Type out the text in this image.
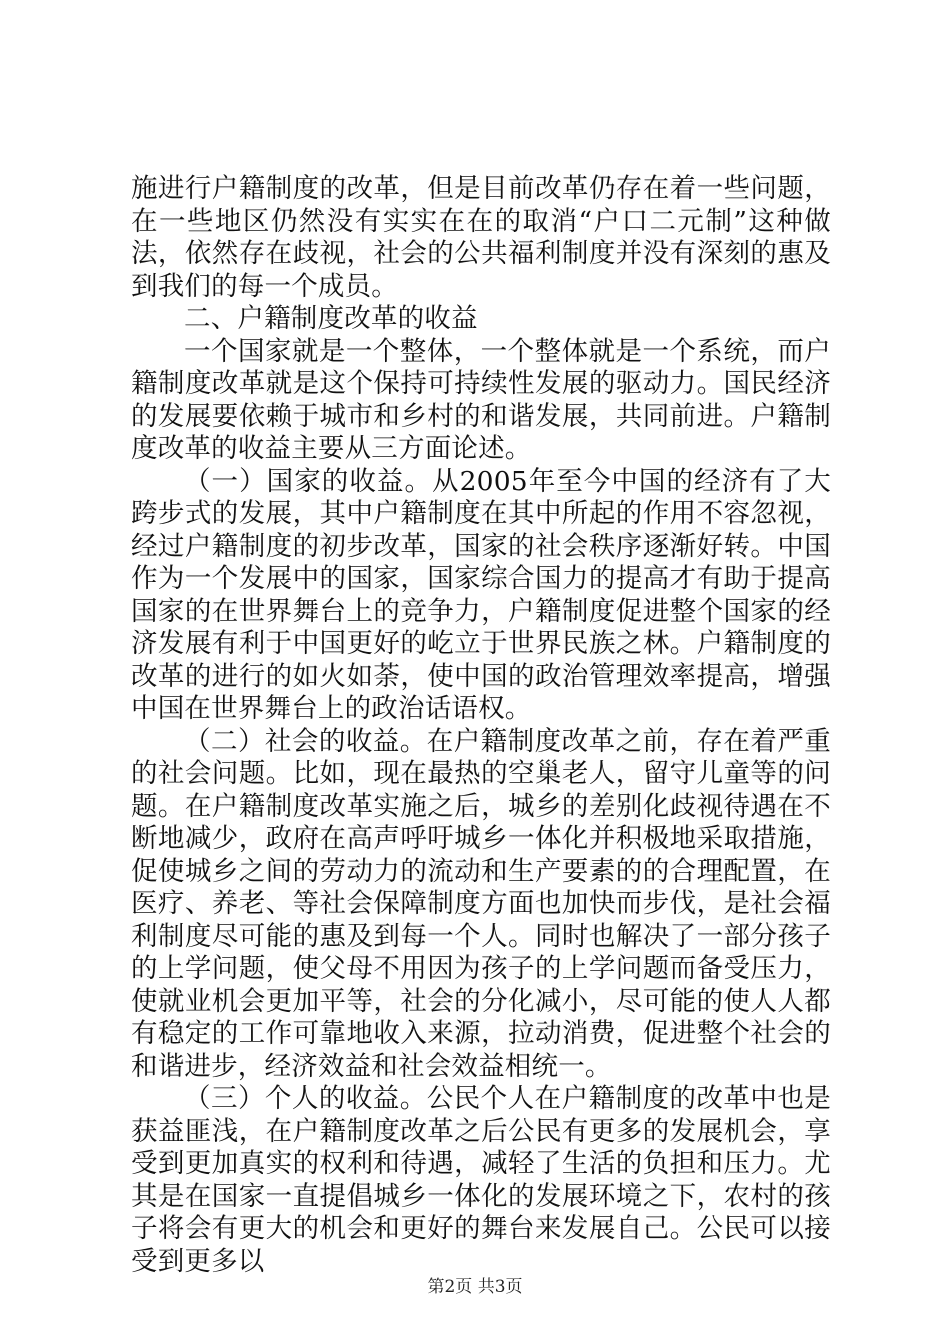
施进行户籍制度的改革，但是目前改革仍存在着一些问题，在一些地区仍然没有实实在在的取消“户口二元制”这种做法，依然存在歧视，社会的公共福利制度并没有深刻的惠及到我们的每一个成员。

二、户籍制度改革的收益

一个国家就是一个整体，一个整体就是一个系统，而户籍制度改革就是这个保持可持续性发展的驱动力。国民经济的发展要依赖于城市和乡村的和谐发展，共同前进。户籍制度改革的收益主要从三方面论述。

（一）国家的收益。从2005年至今中国的经济有了大跨步式的发展，其中户籍制度在其中所起的作用不容忽视，经过户籍制度的初步改革，国家的社会秩序逐渐好转。中国作为一个发展中的国家，国家综合国力的提高才有助于提高国家的在世界舞台上的竞争力，户籍制度促进整个国家的经济发展有利于中国更好的屹立于世界民族之林。户籍制度的改革的进行的如火如荼，使中国的政治管理效率提高，增强中国在世界舞台上的政治话语权。

（二）社会的收益。在户籍制度改革之前，存在着严重的社会问题。比如，现在最热的空巢老人，留守儿童等的问题。在户籍制度改革实施之后，城乡的差别化歧视待遇在不断地减少，政府在高声呼吁城乡一体化并积极地采取措施，促使城乡之间的劳动力的流动和生产要素的的合理配置，在医疗、养老、等社会保障制度方面也加快而步伐，是社会福利制度尽可能的惠及到每一个人。同时也解决了一部分孩子的上学问题，使父母不用因为孩子的上学问题而备受压力，使就业机会更加平等，社会的分化减小，尽可能的使人人都有稳定的工作可靠地收入来源，拉动消费，促进整个社会的和谐进步，经济效益和社会效益相统一。

（三）个人的收益。公民个人在户籍制度的改革中也是获益匪浅，在户籍制度改革之后公民有更多的发展机会，享受到更加真实的权利和待遇，减轻了生活的负担和压力。尤其是在国家一直提倡城乡一体化的发展环境之下，农村的孩子将会有更大的机会和更好的舞台来发展自己。公民可以接受到更多以

第2页 共3页
